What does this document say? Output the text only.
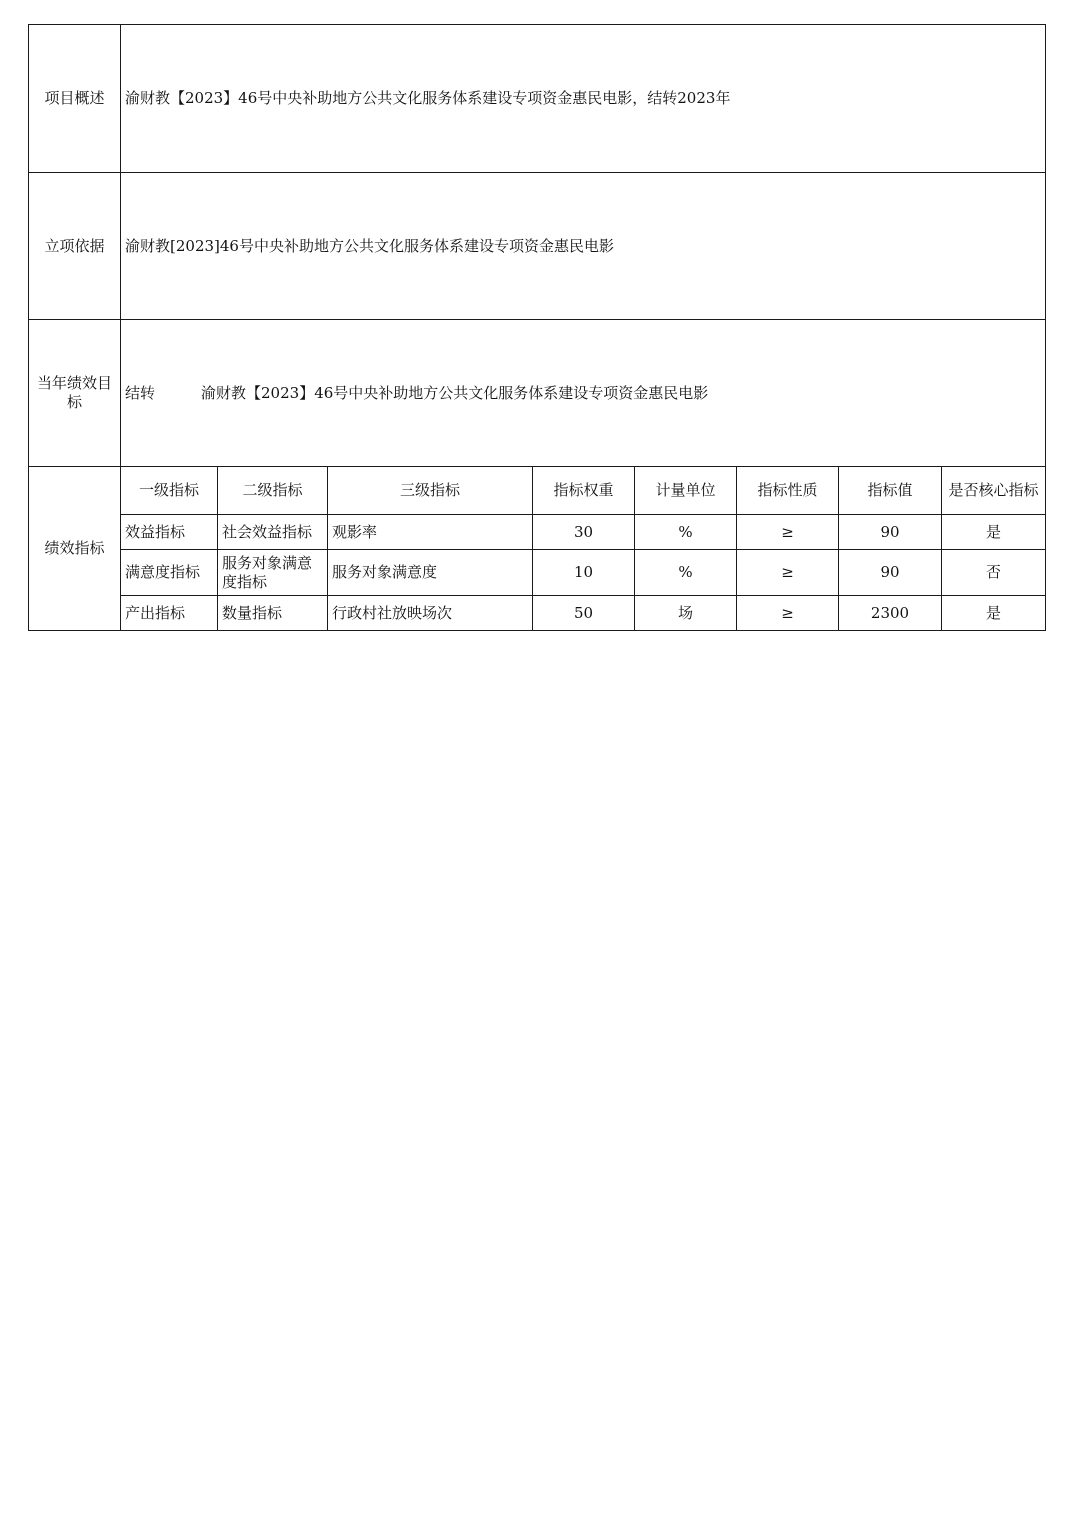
项目概述	渝财教【2023】46号中央补助地方公共文化服务体系建设专项资金惠民电影，结转2023年							
立项依据	渝财教[2023]46号中央补助地方公共文化服务体系建设专项资金惠民电影							
当年绩效目标	结转 渝财教【2023】46号中央补助地方公共文化服务体系建设专项资金惠民电影							
绩效指标	一级指标	二级指标	三级指标	指标权重	计量单位	指标性质	指标值	是否核心指标
	效益指标	社会效益指标	观影率	30	%	≥	90	是
	满意度指标	服务对象满意度指标	服务对象满意度	10	%	≥	90	否
	产出指标	数量指标	行政村社放映场次	50	场	≥	2300	是
